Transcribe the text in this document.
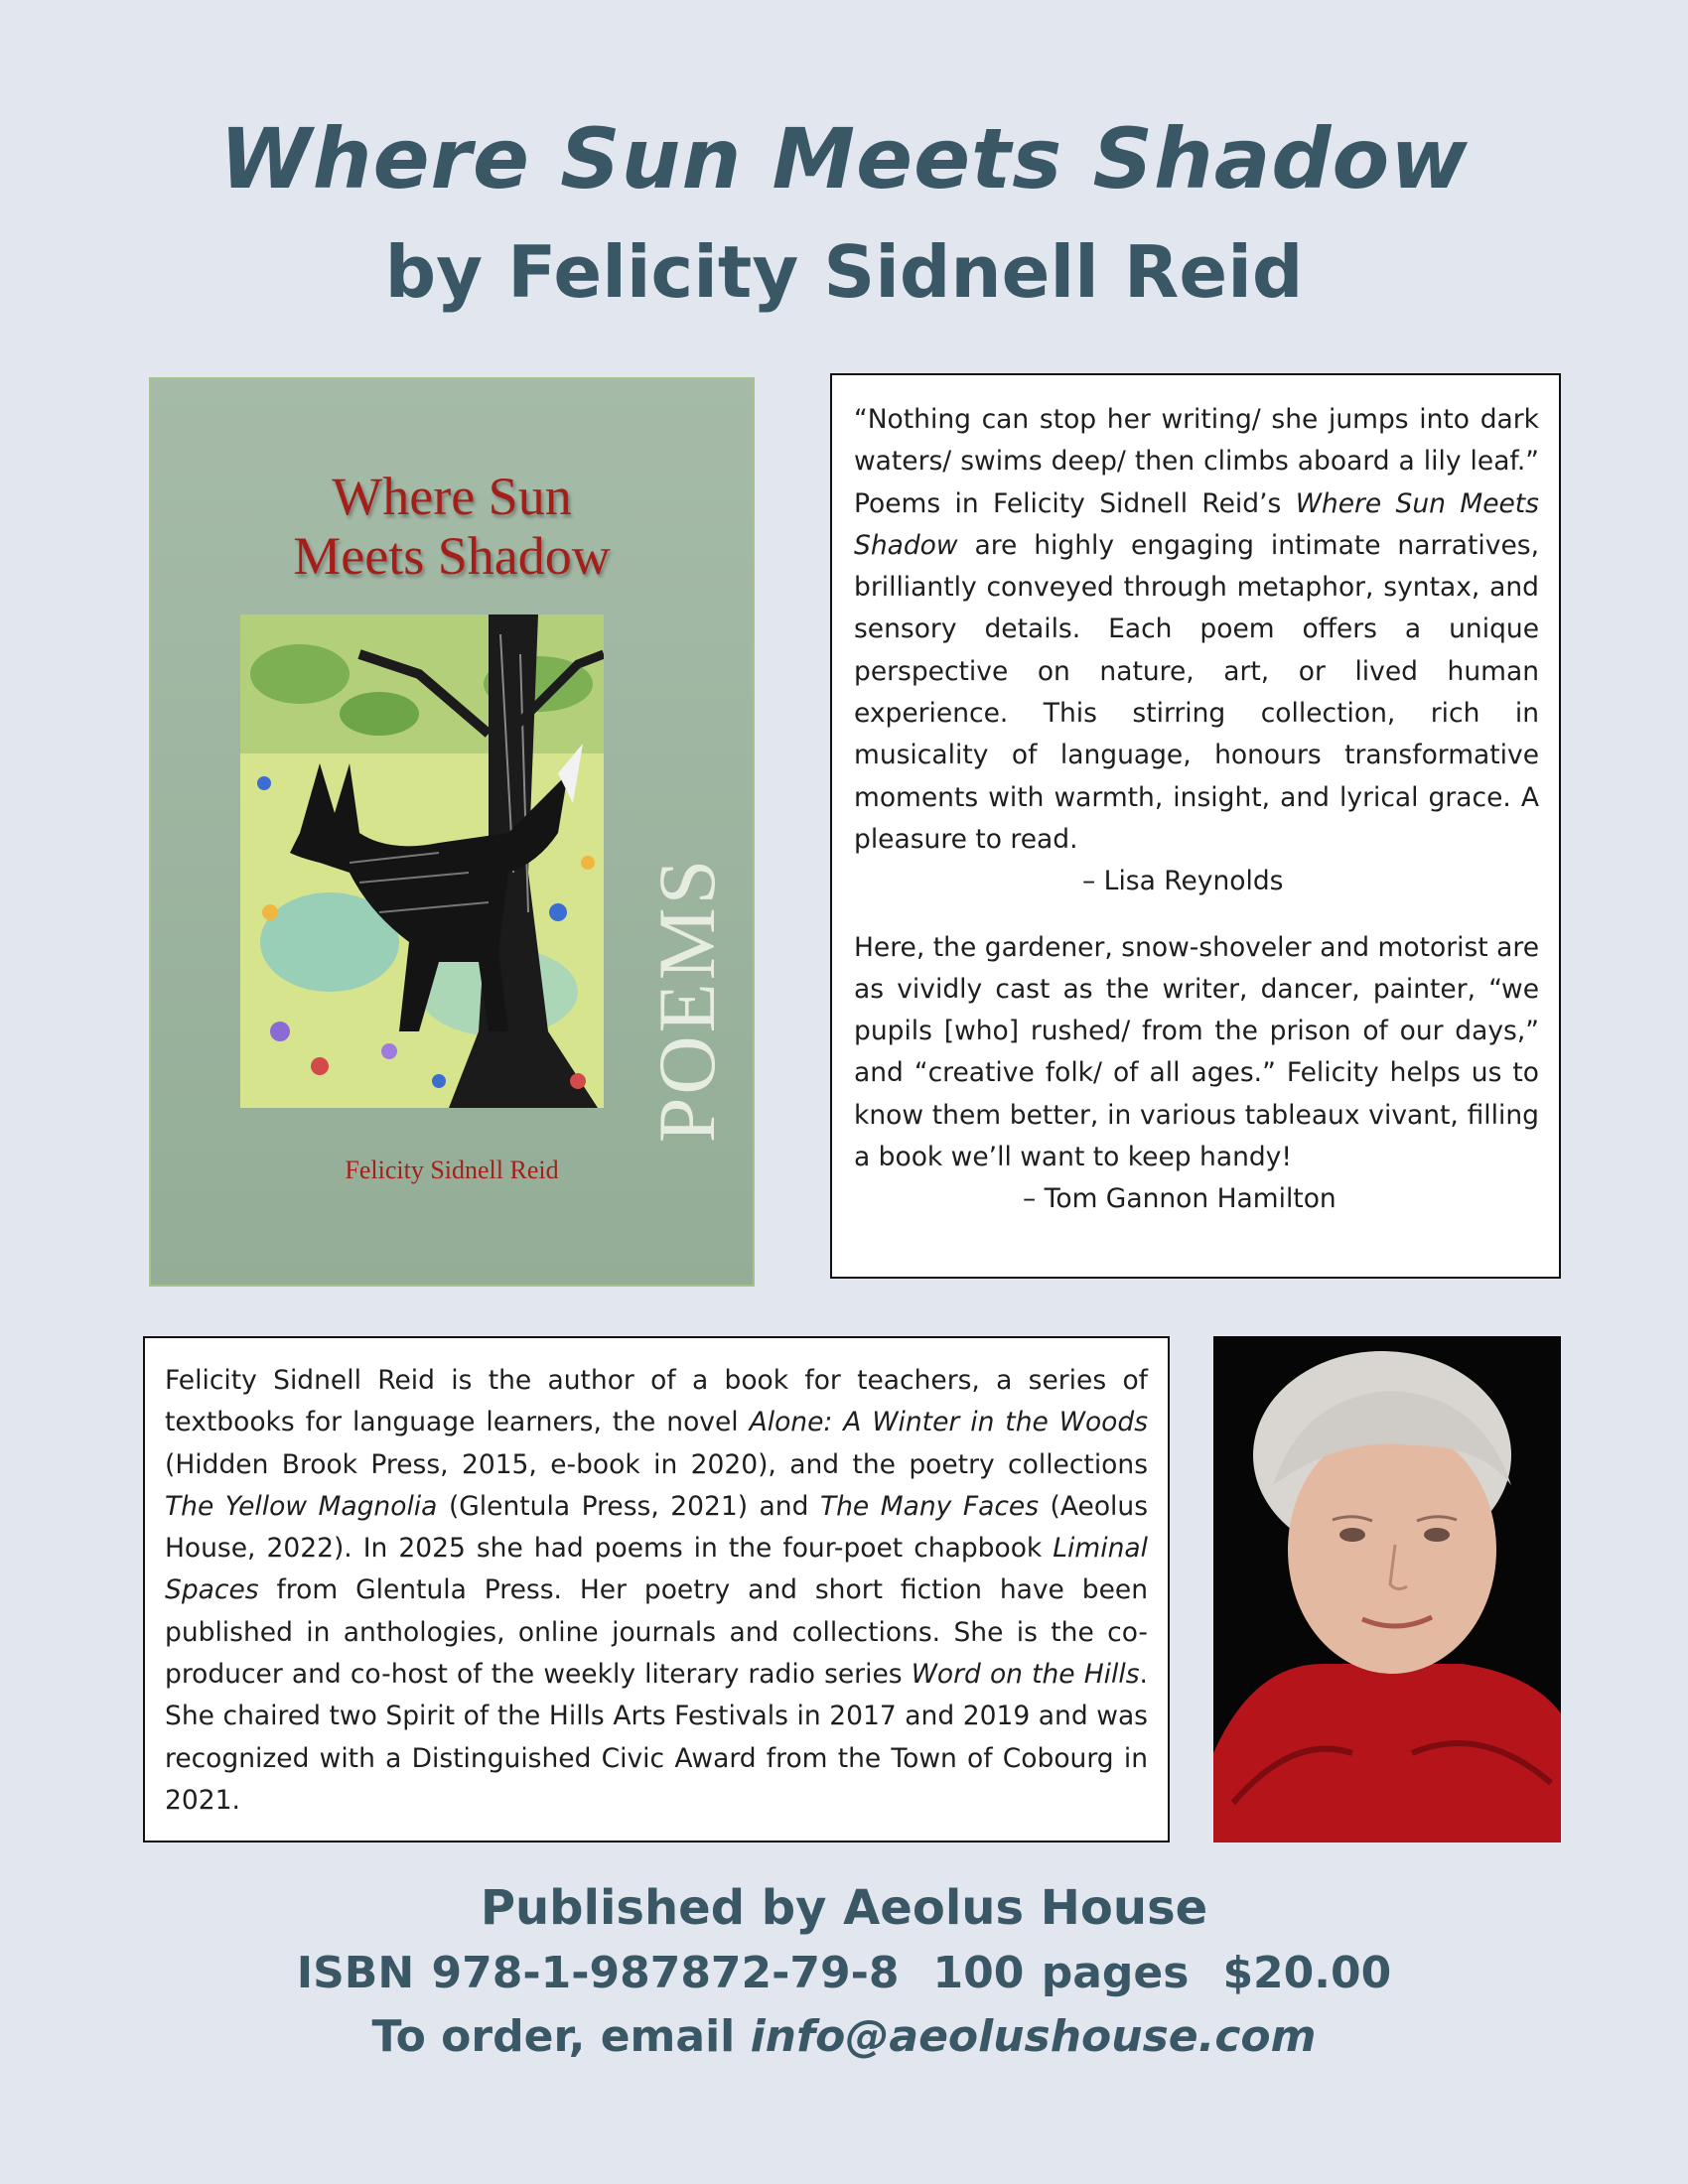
Where Sun Meets Shadow
by Felicity Sidnell Reid
Where Sun
Meets Shadow
POEMS
Felicity Sidnell Reid

“Nothing can stop her writing/ she jumps into dark waters/ swims deep/ then climbs aboard a lily leaf.” Poems in Felicity Sidnell Reid’s Where Sun Meets Shadow are highly engaging intimate narratives, brilliantly conveyed through metaphor, syntax, and sensory details. Each poem offers a unique perspective on nature, art, or lived human experience. This stirring collection, rich in musicality of language, honours transformative moments with warmth, insight, and lyrical grace. A pleasure to read.

– Lisa Reynolds

Here, the gardener, snow-shoveler and motorist are as vividly cast as the writer, dancer, painter, “we pupils [who] rushed/ from the prison of our days,” and “creative folk/ of all ages.” Felicity helps us to know them better, in various tableaux vivant, filling a book we’ll want to keep handy!

– Tom Gannon Hamilton

Felicity Sidnell Reid is the author of a book for teachers, a series of textbooks for language learners, the novel Alone: A Winter in the Woods (Hidden Brook Press, 2015, e-book in 2020), and the poetry collections The Yellow Magnolia (Glentula Press, 2021) and The Many Faces (Aeolus House, 2022). In 2025 she had poems in the four-poet chapbook Liminal Spaces from Glentula Press. Her poetry and short fiction have been published in anthologies, online journals and collections. She is the co-producer and co-host of the weekly literary radio series Word on the Hills. She chaired two Spirit of the Hills Arts Festivals in 2017 and 2019 and was recognized with a Distinguished Civic Award from the Town of Cobourg in 2021.

Published by Aeolus House

ISBN 978-1-987872-79-8 100 pages $20.00

To order, email info@aeolushouse.com
